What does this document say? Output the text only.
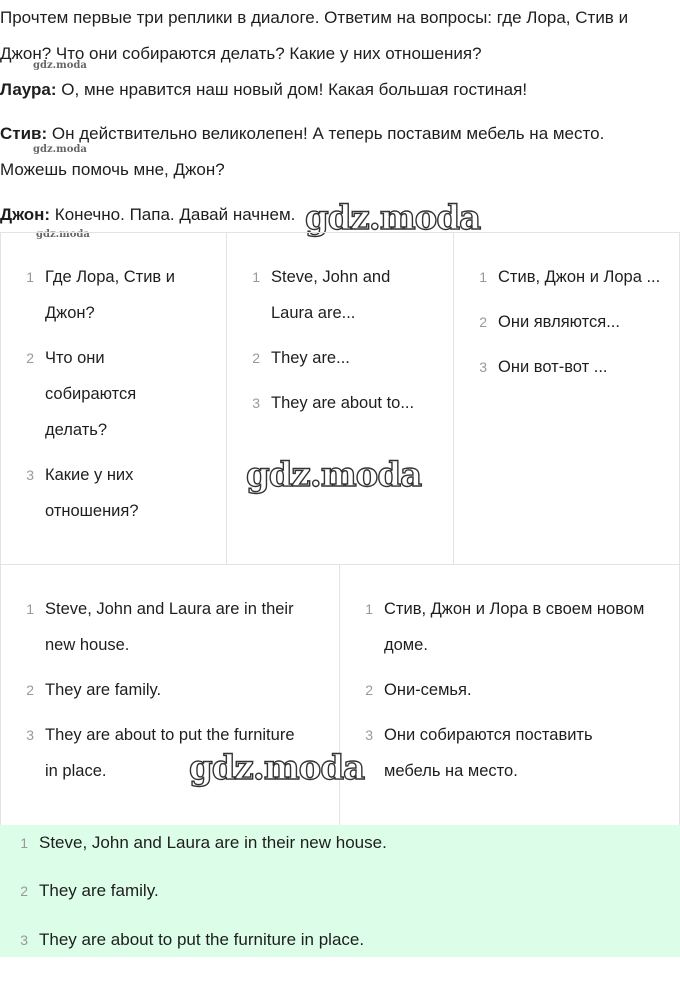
Прочтем первые три реплики в диалоге. Ответим на вопросы: где Лора, Стив и
Джон? Что они собираются делать? Какие у них отношения?
gdz.moda
Лаура: О, мне нравится наш новый дом! Какая большая гостиная!
Стив: Он действительно великолепен! А теперь поставим мебель на место.
gdz.moda
Можешь помочь мне, Джон?
Джон: Конечно. Папа. Давай начнем. gdz.moda
gdz.moda
1 Где Лора, Стив и
Джон?
2 Что они
собираются
делать?
3 Какие у них
отношения?
1 Steve, John and
Laura are...
2 They are...
3 They are about to...
gdz.moda
1 Стив, Джон и Лора ...
2 Они являются...
3 Они вот-вот ...
1 Steve, John and Laura are in their
new house.
2 They are family.
3 They are about to put the furniture
in place.
1 Стив, Джон и Лора в своем новом
доме.
2 Они-семья.
3 Они собираются поставить
мебель на место.
gdz.moda
1 Steve, John and Laura are in their new house.
2 They are family.
3 They are about to put the furniture in place.
